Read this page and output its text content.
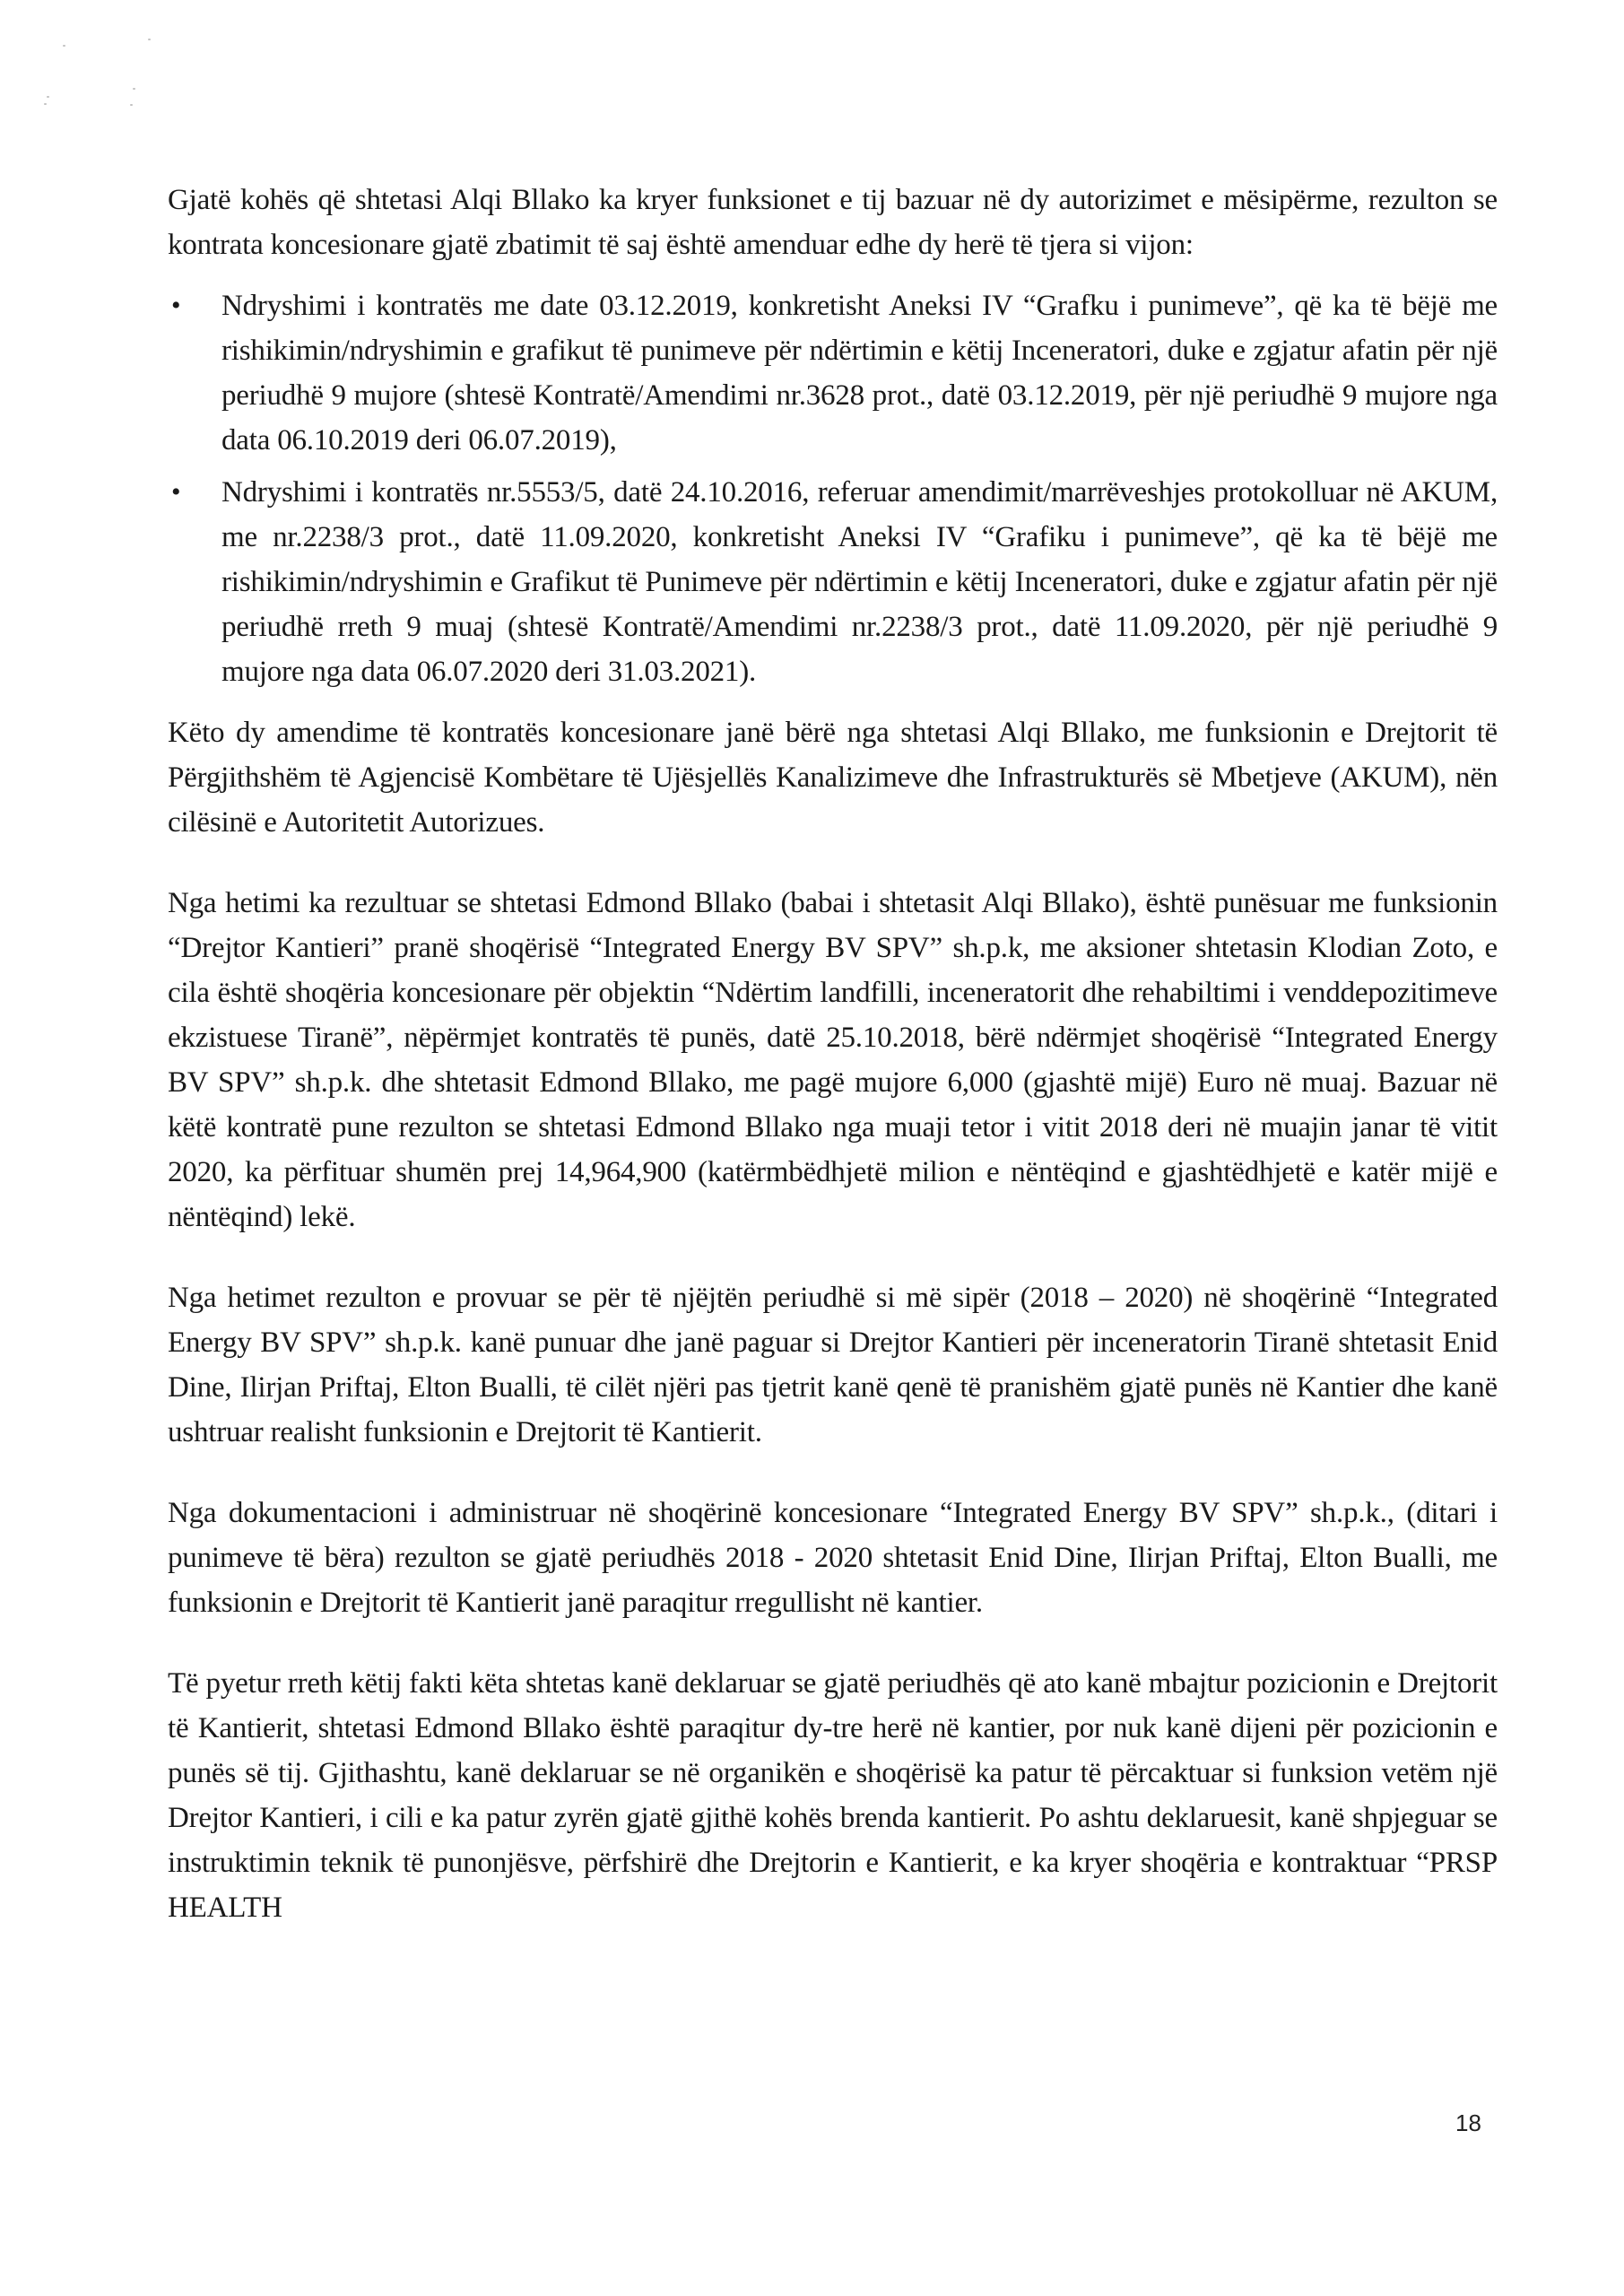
Gjatë kohës që shtetasi Alqi Bllako ka kryer funksionet e tij bazuar në dy autorizimet e mësipërme, rezulton se kontrata koncesionare gjatë zbatimit të saj është amenduar edhe dy herë të tjera si vijon:

• Ndryshimi i kontratës me date 03.12.2019, konkretisht Aneksi IV “Grafku i punimeve”, që ka të bëjë me rishikimin/ndryshimin e grafikut të punimeve për ndërtimin e këtij Inceneratori, duke e zgjatur afatin për një periudhë 9 mujore (shtesë Kontratë/Amendimi nr.3628 prot., datë 03.12.2019, për një periudhë 9 mujore nga data 06.10.2019 deri 06.07.2019),
• Ndryshimi i kontratës nr.5553/5, datë 24.10.2016, referuar amendimit/marrëveshjes protokolluar në AKUM, me nr.2238/3 prot., datë 11.09.2020, konkretisht Aneksi IV “Grafiku i punimeve”, që ka të bëjë me rishikimin/ndryshimin e Grafikut të Punimeve për ndërtimin e këtij Inceneratori, duke e zgjatur afatin për një periudhë rreth 9 muaj (shtesë Kontratë/Amendimi nr.2238/3 prot., datë 11.09.2020, për një periudhë 9 mujore nga data 06.07.2020 deri 31.03.2021).

Këto dy amendime të kontratës koncesionare janë bërë nga shtetasi Alqi Bllako, me funksionin e Drejtorit të Përgjithshëm të Agjencisë Kombëtare të Ujësjellës Kanalizimeve dhe Infrastrukturës së Mbetjeve (AKUM), nën cilësinë e Autoritetit Autorizues.

Nga hetimi ka rezultuar se shtetasi Edmond Bllako (babai i shtetasit Alqi Bllako), është punësuar me funksionin “Drejtor Kantieri” pranë shoqërisë “Integrated Energy BV SPV” sh.p.k, me aksioner shtetasin Klodian Zoto, e cila është shoqëria koncesionare për objektin “Ndërtim landfilli, inceneratorit dhe rehabiltimi i venddepozitimeve ekzistuese Tiranë”, nëpërmjet kontratës të punës, datë 25.10.2018, bërë ndërmjet shoqërisë “Integrated Energy BV SPV” sh.p.k. dhe shtetasit Edmond Bllako, me pagë mujore 6,000 (gjashtë mijë) Euro në muaj. Bazuar në këtë kontratë pune rezulton se shtetasi Edmond Bllako nga muaji tetor i vitit 2018 deri në muajin janar të vitit 2020, ka përfituar shumën prej 14,964,900 (katërmbëdhjetë milion e nëntëqind e gjashtëdhjetë e katër mijë e nëntëqind) lekë.

Nga hetimet rezulton e provuar se për të njëjtën periudhë si më sipër (2018 – 2020) në shoqërinë “Integrated Energy BV SPV” sh.p.k. kanë punuar dhe janë paguar si Drejtor Kantieri për inceneratorin Tiranë shtetasit Enid Dine, Ilirjan Priftaj, Elton Bualli, të cilët njëri pas tjetrit kanë qenë të pranishëm gjatë punës në Kantier dhe kanë ushtruar realisht funksionin e Drejtorit të Kantierit.

Nga dokumentacioni i administruar në shoqërinë koncesionare “Integrated Energy BV SPV” sh.p.k., (ditari i punimeve të bëra) rezulton se gjatë periudhës 2018 - 2020 shtetasit Enid Dine, Ilirjan Priftaj, Elton Bualli, me funksionin e Drejtorit të Kantierit janë paraqitur rregullisht në kantier.

Të pyetur rreth këtij fakti këta shtetas kanë deklaruar se gjatë periudhës që ato kanë mbajtur pozicionin e Drejtorit të Kantierit, shtetasi Edmond Bllako është paraqitur dy-tre herë në kantier, por nuk kanë dijeni për pozicionin e punës së tij. Gjithashtu, kanë deklaruar se në organikën e shoqërisë ka patur të përcaktuar si funksion vetëm një Drejtor Kantieri, i cili e ka patur zyrën gjatë gjithë kohës brenda kantierit. Po ashtu deklaruesit, kanë shpjeguar se instruktimin teknik të punonjësve, përfshirë dhe Drejtorin e Kantierit, e ka kryer shoqëria e kontraktuar “PRSP HEALTH

18
